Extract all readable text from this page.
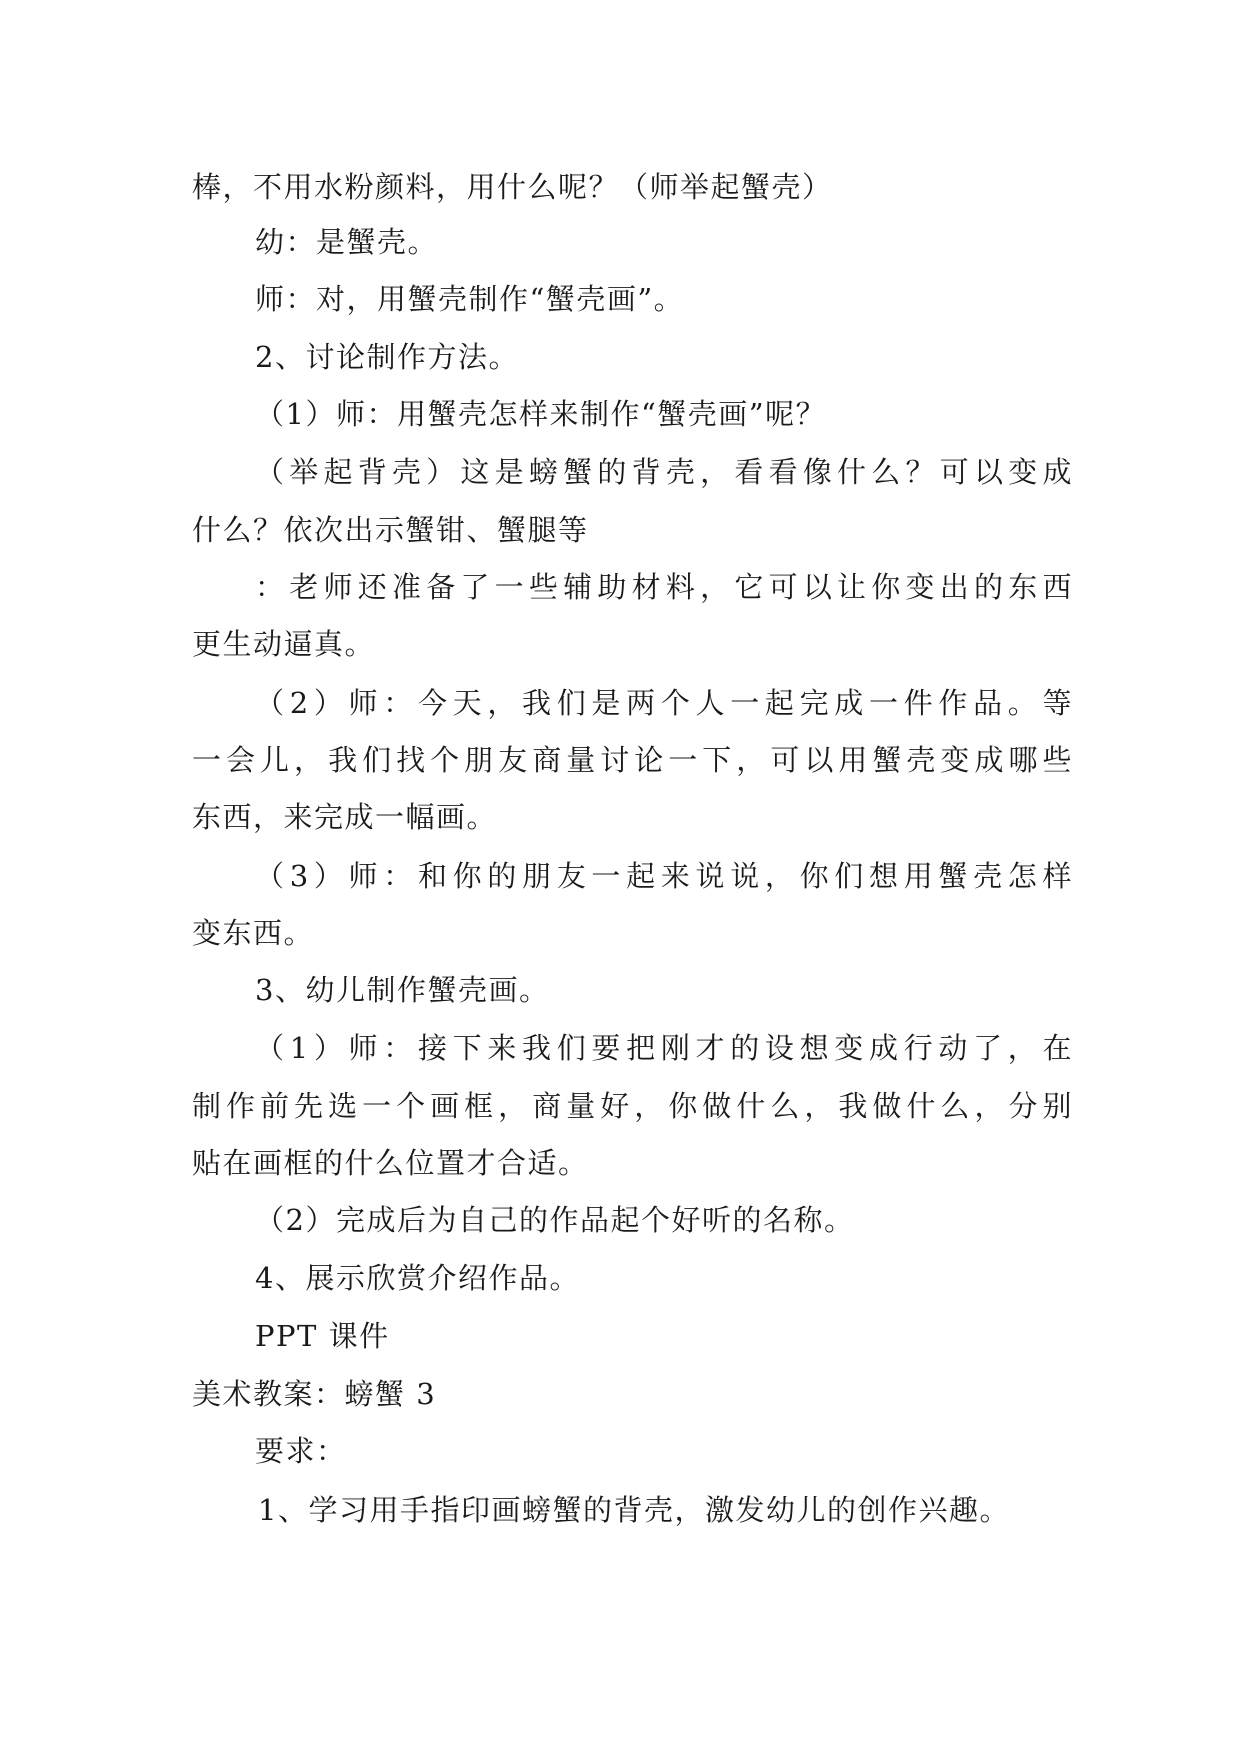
棒，不用水粉颜料，用什么呢？（师举起蟹壳）
幼：是蟹壳。
师：对，用蟹壳制作“蟹壳画”。
2、讨论制作方法。
（1）师：用蟹壳怎样来制作“蟹壳画”呢？
（举起背壳）这是螃蟹的背壳，看看像什么？可以变成
什么？依次出示蟹钳、蟹腿等
：老师还准备了一些辅助材料，它可以让你变出的东西
更生动逼真。
（2）师：今天，我们是两个人一起完成一件作品。等
一会儿，我们找个朋友商量讨论一下，可以用蟹壳变成哪些
东西，来完成一幅画。
（3）师：和你的朋友一起来说说，你们想用蟹壳怎样
变东西。
3、幼儿制作蟹壳画。
（1）师：接下来我们要把刚才的设想变成行动了，在
制作前先选一个画框，商量好，你做什么，我做什么，分别
贴在画框的什么位置才合适。
（2）完成后为自己的作品起个好听的名称。
4、展示欣赏介绍作品。
PPT 课件
美术教案：螃蟹 3
要求：
1、学习用手指印画螃蟹的背壳，激发幼儿的创作兴趣。
